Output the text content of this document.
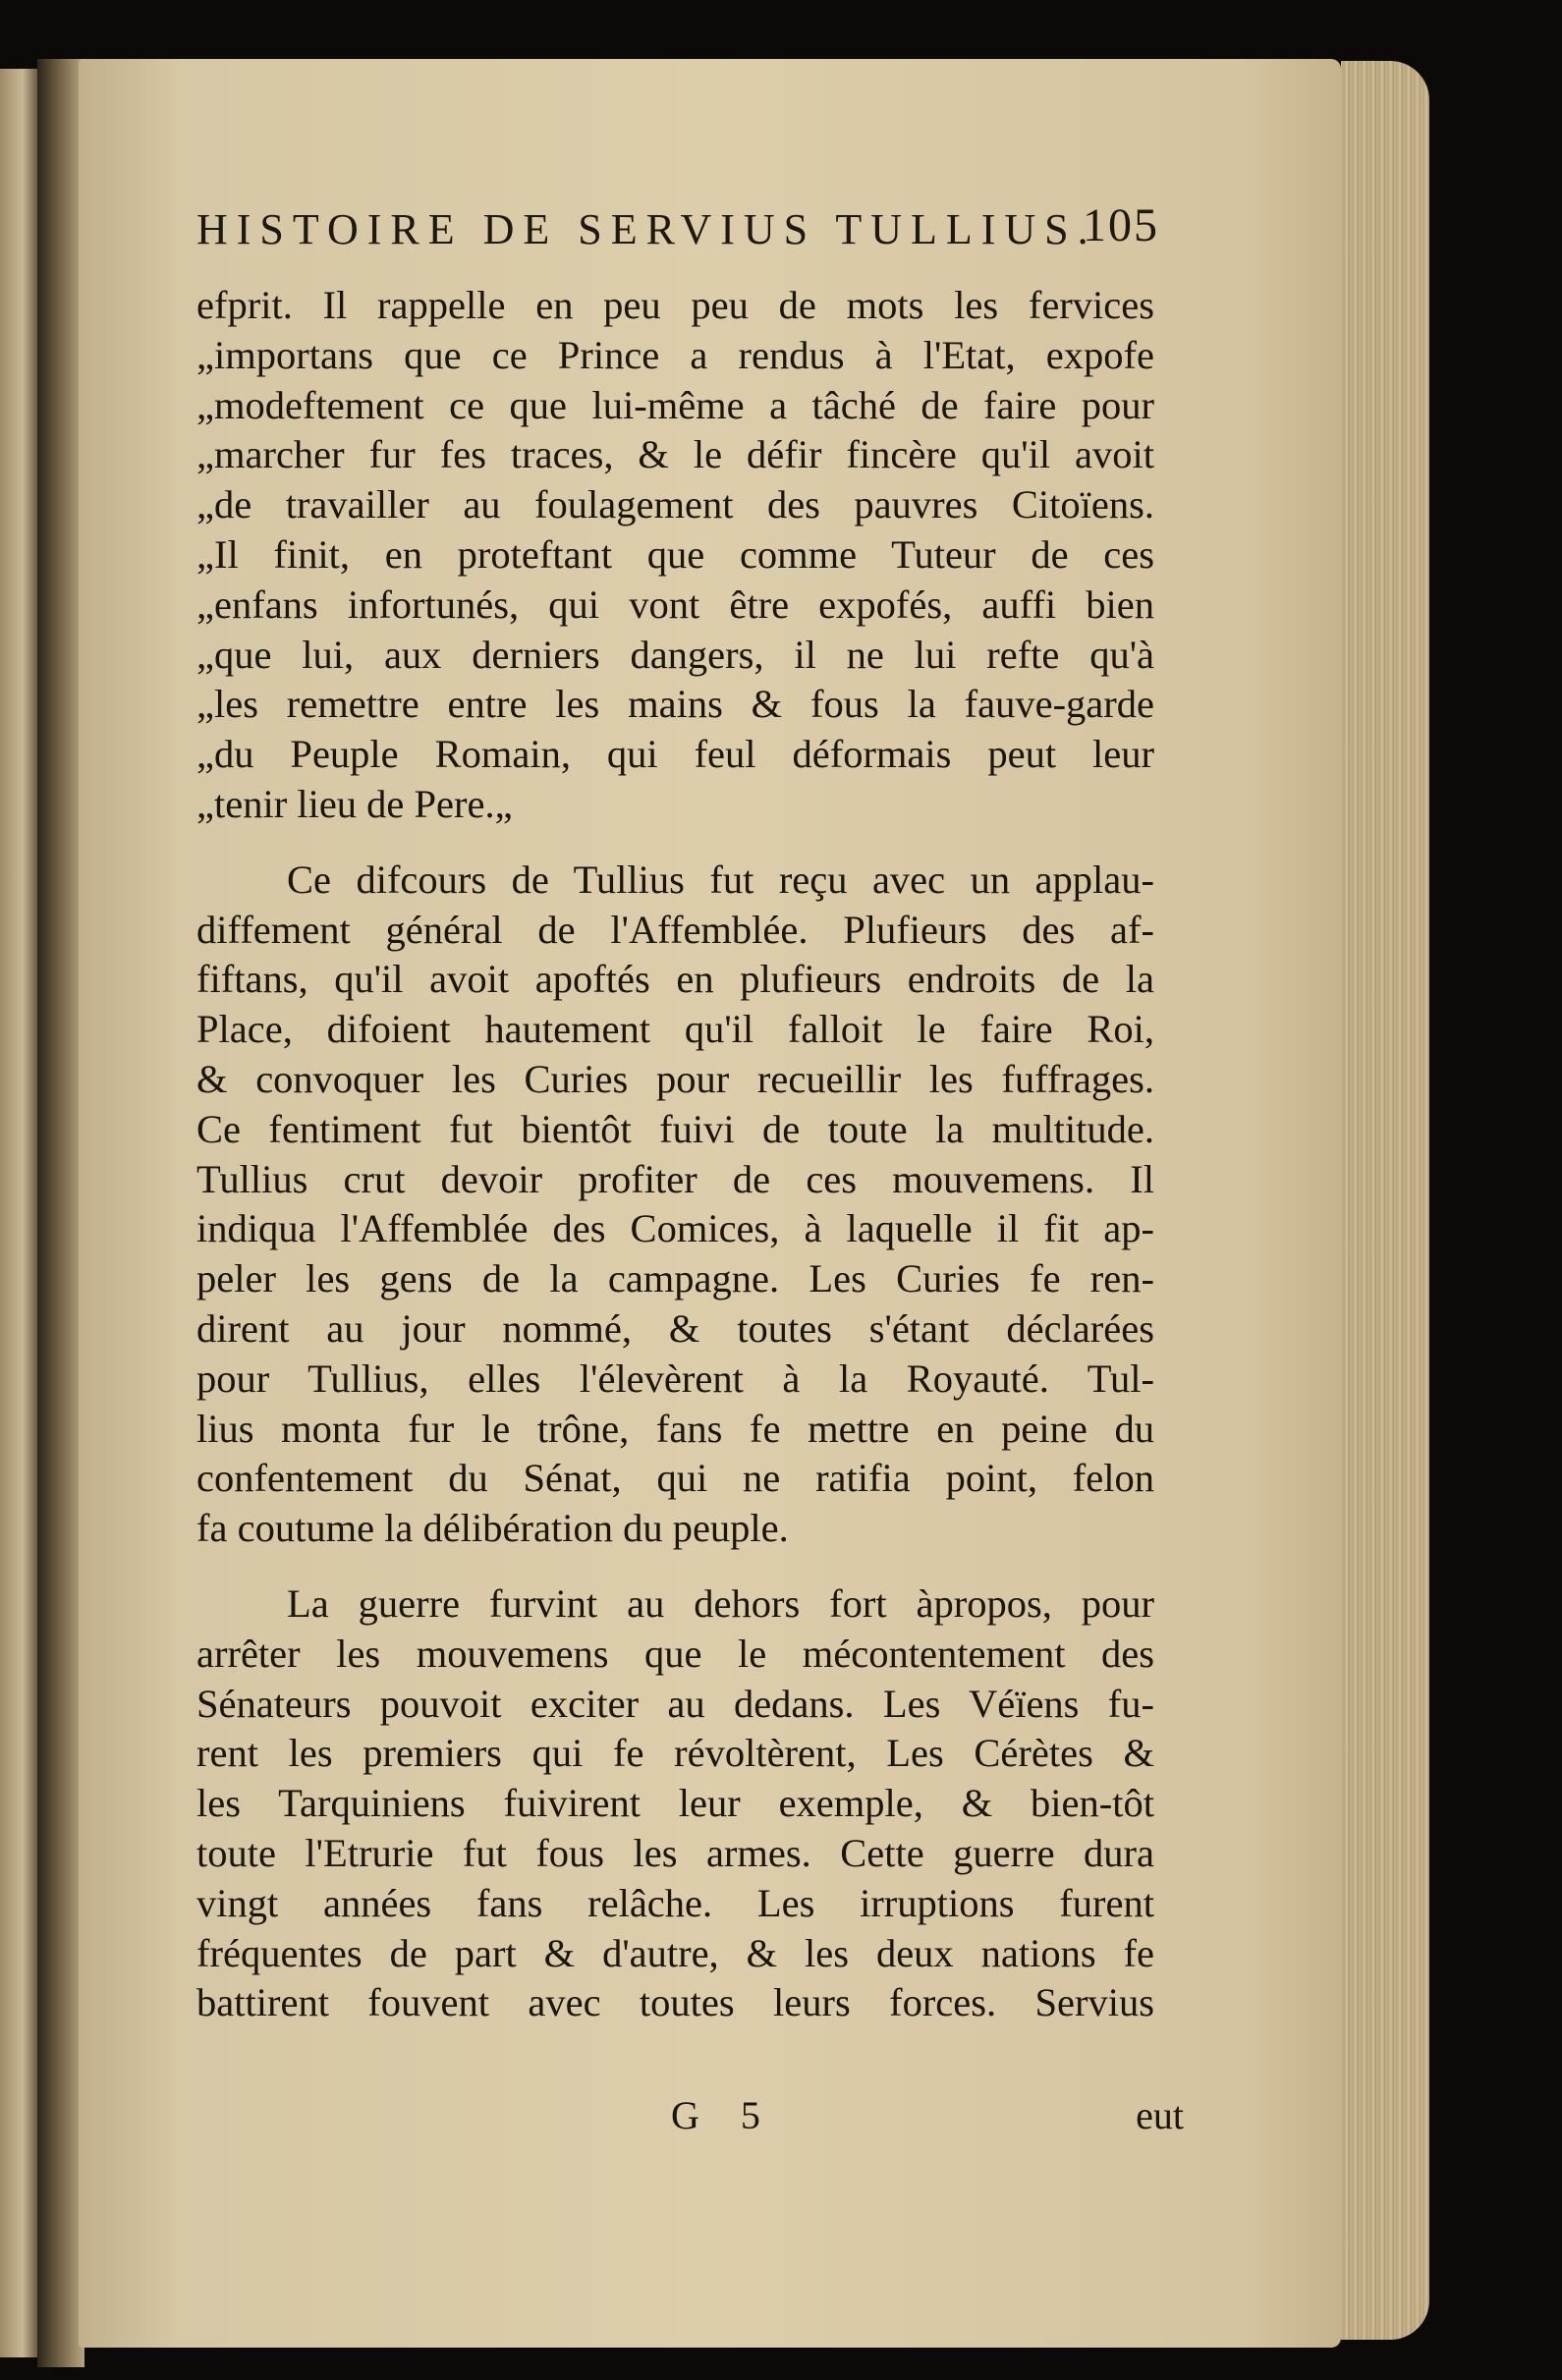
HISTOIRE DE SERVIUS TULLIUS.
105
efprit. Il rappelle en peu peu de mots les fervices
„importans que ce Prince a rendus à l'Etat, expofe
„modeftement ce que lui-même a tâché de faire pour
„marcher fur fes traces, & le défir fincère qu'il avoit
„de travailler au foulagement des pauvres Citoïens.
„Il finit, en proteftant que comme Tuteur de ces
„enfans infortunés, qui vont être expofés, auffi bien
„que lui, aux derniers dangers, il ne lui refte qu'à
„les remettre entre les mains & fous la fauve-garde
„du Peuple Romain, qui feul déformais peut leur
„tenir lieu de Pere.„
Ce difcours de Tullius fut reçu avec un applau-
diffement général de l'Affemblée. Plufieurs des af-
fiftans, qu'il avoit apoftés en plufieurs endroits de la
Place, difoient hautement qu'il falloit le faire Roi,
& convoquer les Curies pour recueillir les fuffrages.
Ce fentiment fut bientôt fuivi de toute la multitude.
Tullius crut devoir profiter de ces mouvemens. Il
indiqua l'Affemblée des Comices, à laquelle il fit ap-
peler les gens de la campagne. Les Curies fe ren-
dirent au jour nommé, & toutes s'étant déclarées
pour Tullius, elles l'élevèrent à la Royauté. Tul-
lius monta fur le trône, fans fe mettre en peine du
confentement du Sénat, qui ne ratifia point, felon
fa coutume la délibération du peuple.
La guerre furvint au dehors fort àpropos, pour
arrêter les mouvemens que le mécontentement des
Sénateurs pouvoit exciter au dedans. Les Véïens fu-
rent les premiers qui fe révoltèrent, Les Cérètes &
les Tarquiniens fuivirent leur exemple, & bien-tôt
toute l'Etrurie fut fous les armes. Cette guerre dura
vingt années fans relâche. Les irruptions furent
fréquentes de part & d'autre, & les deux nations fe
battirent fouvent avec toutes leurs forces. Servius
G 5	eut
